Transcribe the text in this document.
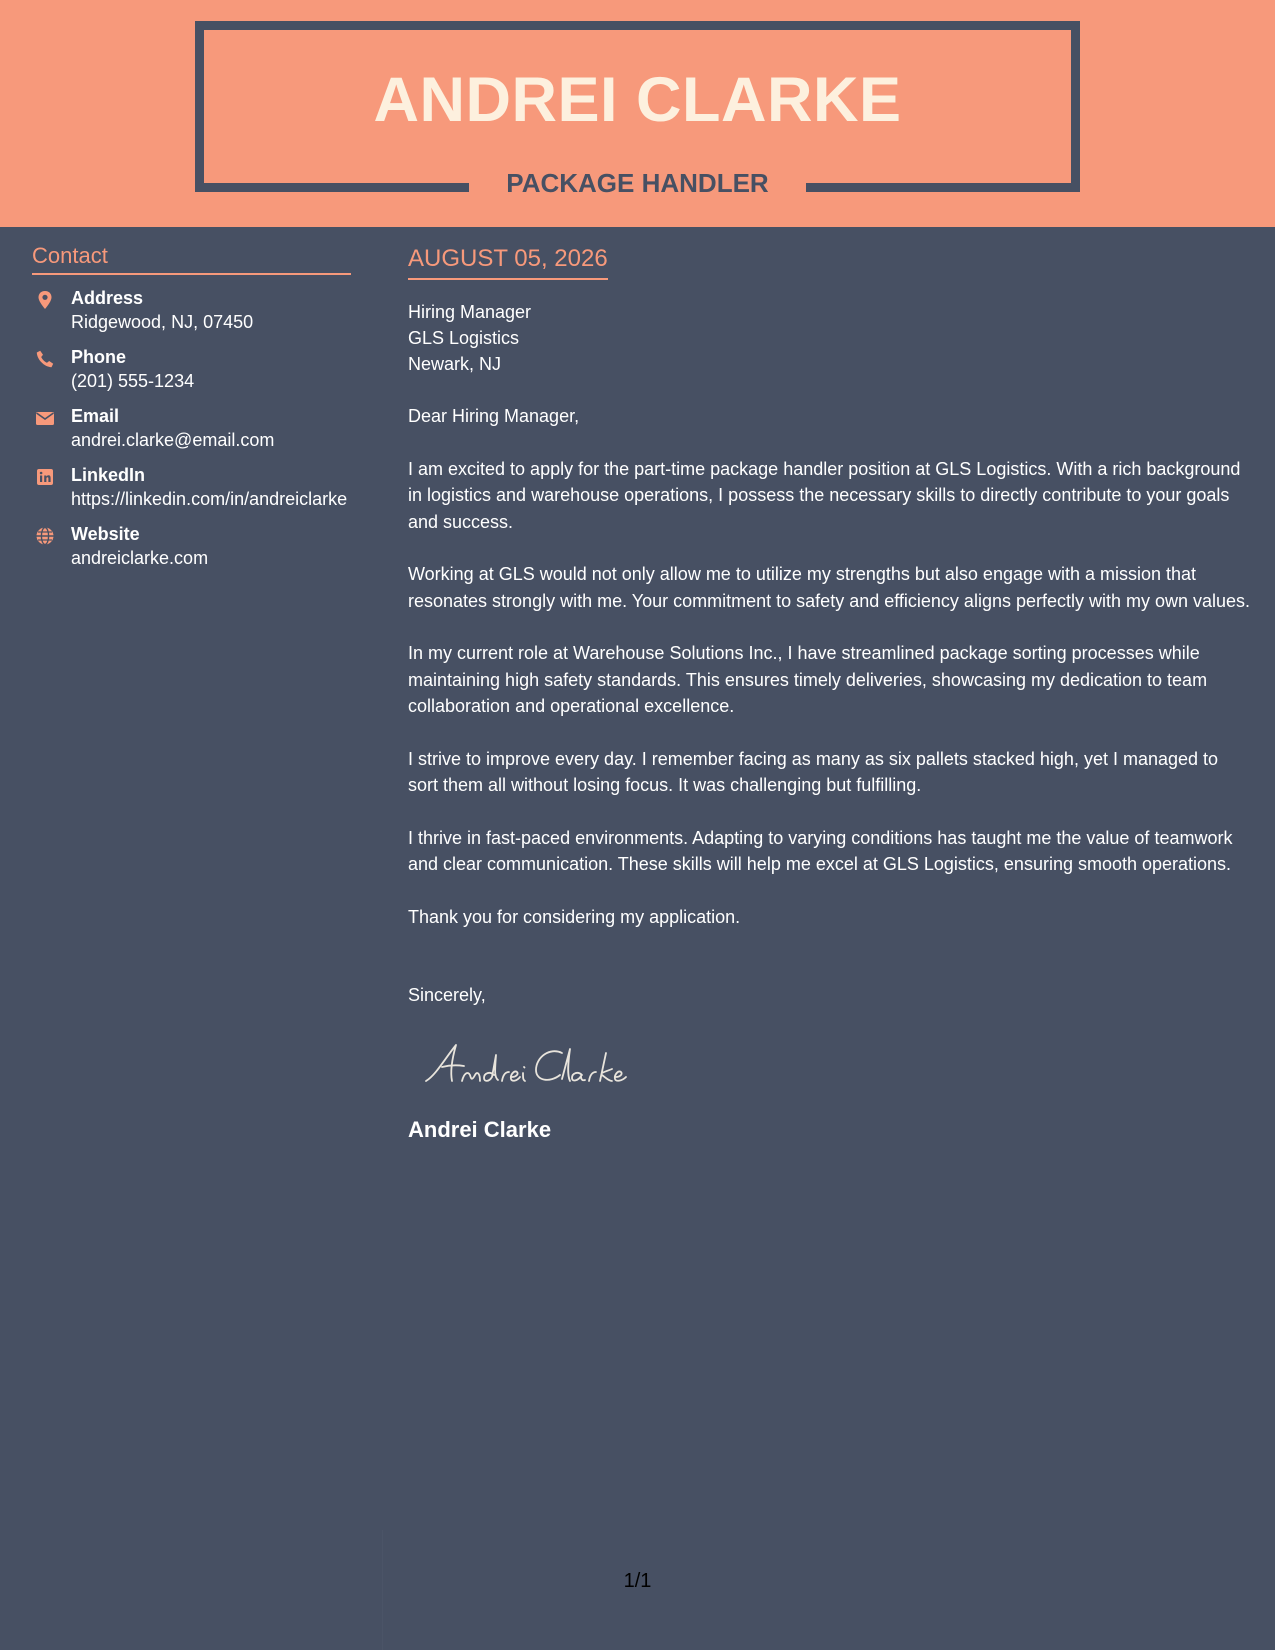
ANDREI CLARKE
PACKAGE HANDLER
Contact
Address
Ridgewood, NJ, 07450
Phone
(201) 555-1234
Email
andrei.clarke@email.com
LinkedIn
https://linkedin.com/in/andreiclarke
Website
andreiclarke.com
AUGUST 05, 2026
Hiring Manager
GLS Logistics
Newark, NJ

Dear Hiring Manager,

I am excited to apply for the part-time package handler position at GLS Logistics. With a rich background in logistics and warehouse operations, I possess the necessary skills to directly contribute to your goals and success.

Working at GLS would not only allow me to utilize my strengths but also engage with a mission that resonates strongly with me. Your commitment to safety and efficiency aligns perfectly with my own values.

In my current role at Warehouse Solutions Inc., I have streamlined package sorting processes while maintaining high safety standards. This ensures timely deliveries, showcasing my dedication to team collaboration and operational excellence.

I strive to improve every day. I remember facing as many as six pallets stacked high, yet I managed to sort them all without losing focus. It was challenging but fulfilling.

I thrive in fast-paced environments. Adapting to varying conditions has taught me the value of teamwork and clear communication. These skills will help me excel at GLS Logistics, ensuring smooth operations.

Thank you for considering my application.

Sincerely,

Andrei Clarke
1/1
